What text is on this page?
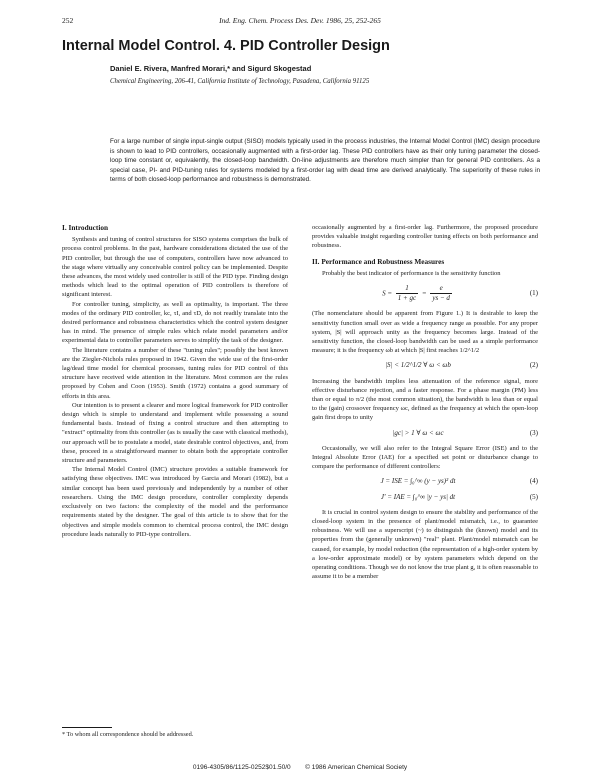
252	Ind. Eng. Chem. Process Des. Dev. 1986, 25, 252-265
Internal Model Control. 4. PID Controller Design
Daniel E. Rivera, Manfred Morari,* and Sigurd Skogestad
Chemical Engineering, 206-41, California Institute of Technology, Pasadena, California 91125
For a large number of single input-single output (SISO) models typically used in the process industries, the Internal Model Control (IMC) design procedure is shown to lead to PID controllers, occasionally augmented with a first-order lag. These PID controllers have as their only tuning parameter the closed-loop time constant or, equivalently, the closed-loop bandwidth. On-line adjustments are therefore much simpler than for general PID controllers. As a special case, PI- and PID-tuning rules for systems modeled by a first-order lag with dead time are derived analytically. The superiority of these rules in terms of both closed-loop performance and robustness is demonstrated.
I. Introduction

Synthesis and tuning of control structures for SISO systems comprises the bulk of process control problems. In the past, hardware considerations dictated the use of the PID controller, but through the use of computers, controllers have now advanced to the stage where virtually any conceivable control policy can be implemented. Despite these advances, the most widely used controller is still of the PID type. Finding design methods which lead to the optimal operation of PID controllers is therefore of significant interest.

For controller tuning, simplicity, as well as optimality, is important. The three modes of the ordinary PID controller, kc, τI, and τD, do not readily translate into the desired performance and robustness characteristics which the control system designer has in mind. The presence of simple rules which relate model parameters and/or experimental data to controller parameters serves to simplify the task of the designer.

The literature contains a number of these "tuning rules"; possibly the best known are the Ziegler-Nichols rules proposed in 1942. Given the wide use of the first-order lag/dead time model for chemical processes, tuning rules for PID control of this structure have received wide attention in the literature. Most common are the rules proposed by Cohen and Coon (1953). Smith (1972) contains a good summary of efforts in this area.

Our intention is to present a clearer and more logical framework for PID controller design which is simple to understand and implement while possessing a sound fundamental basis. Instead of fixing a control structure and then attempting to "extract" optimality from this controller (as is usually the case with classical methods), our approach will be to postulate a model, state desirable control objectives, and, from these, proceed in a straightforward manner to obtain both the appropriate controller structure and parameters.

The Internal Model Control (IMC) structure provides a suitable framework for satisfying these objectives. IMC was introduced by Garcia and Morari (1982), but a similar concept has been used previously and independently by a number of other researchers. Using the IMC design procedure, controller complexity depends exclusively on two factors: the complexity of the model and the performance requirements stated by the designer. The goal of this article is to show that for the objectives and simple models common to chemical process control, the IMC design procedure leads naturally to PID-type controllers.

* To whom all correspondence should be addressed.

occasionally augmented by a first-order lag. Furthermore, the proposed procedure provides valuable insight regarding controller tuning effects on both performance and robustness.

II. Performance and Robustness Measures

Probably the best indicator of performance is the sensitivity function

$S = \frac{1}{1 + gc} = \frac{e}{ys - d}$	(1)

(The nomenclature should be apparent from Figure 1.) It is desirable to keep the sensitivity function small over as wide a frequency range as possible. For any proper system, |S| will approach unity as the frequency becomes large. Instead of the sensitivity function, the closed-loop bandwidth can be used as a simple performance measure; it is the frequency ωb at which |S| first reaches 1/2^1/2

|S| < 1/2^1/2 ∀ ω < ωb	(2)

Increasing the bandwidth implies less attenuation of the reference signal, more effective disturbance rejection, and a faster response. For a phase margin (PM) less than or equal to π/2 (the most common situation), the bandwidth is less than or equal to the (gain) crossover frequency ωc, defined as the frequency at which the open-loop gain first drops to unity

|gc| > 1 ∀ ω < ωc	(3)

Occasionally, we will also refer to the Integral Square Error (ISE) and to the Integral Absolute Error (IAE) for a specified set point or disturbance change to compare the performance of different controllers:

J = ISE = ∫₀^∞ (y − ys)² dt	(4)
J' = IAE = ∫₀^∞ |y − ys| dt	(5)

It is crucial in control system design to ensure the stability and performance of the closed-loop system in the presence of plant/model mismatch, i.e., to guarantee robustness. We will use a superscript (~) to distinguish the (known) model and its properties from the (generally unknown) "real" plant. Plant/model mismatch can be caused, for example, by model reduction (the representation of a high-order system by a low-order approximate model) or by system parameters which depend on the operating conditions. Though we do not know the true plant g, it is often reasonable to assume it to be a member

0196-4305/86/1125-0252$01.50/0 © 1986 American Chemical Society
